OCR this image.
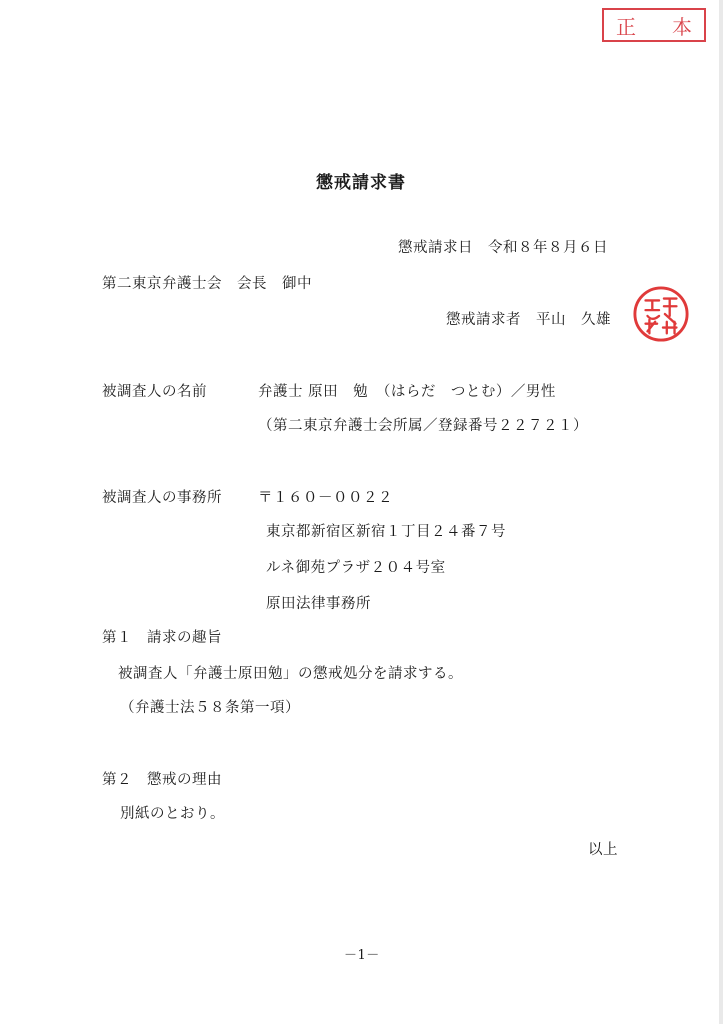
正 本
懲戒請求書
懲戒請求日　令和８年８月６日
第二東京弁護士会　会長　御中
懲戒請求者　平山　久雄
被調査人の名前	弁護士 原田　勉　（はらだ　つとむ）／男性
（第二東京弁護士会所属／登録番号２２７２１）
被調査人の事務所 〒１６０－００２２
東京都新宿区新宿１丁目２４番７号
ルネ御苑プラザ２０４号室
原田法律事務所
第１　請求の趣旨
被調査人「弁護士原田勉」の懲戒処分を請求する。
（弁護士法５８条第一項）
第２　懲戒の理由
別紙のとおり。
以上
－1－
